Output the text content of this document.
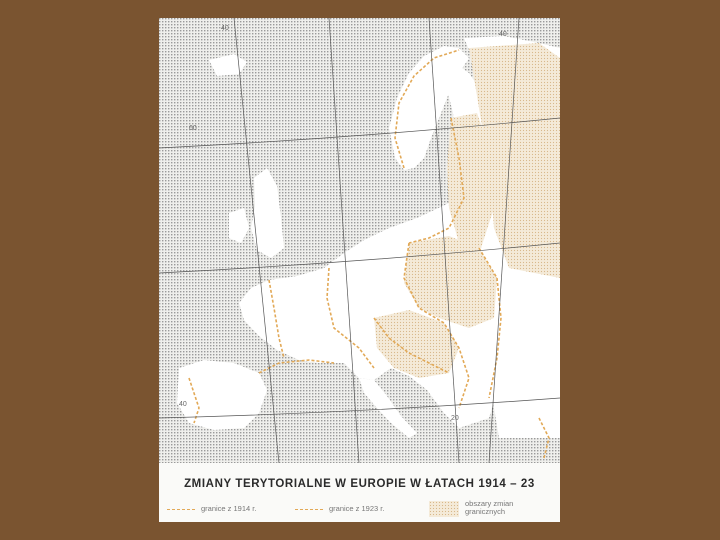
40
40
60
40
20
ZMIANY TERYTORIALNE W EUROPIE W ŁATACH 1914 – 23
granice z 1914 r.	granice z 1923 r.
obszary zmian granicznych
